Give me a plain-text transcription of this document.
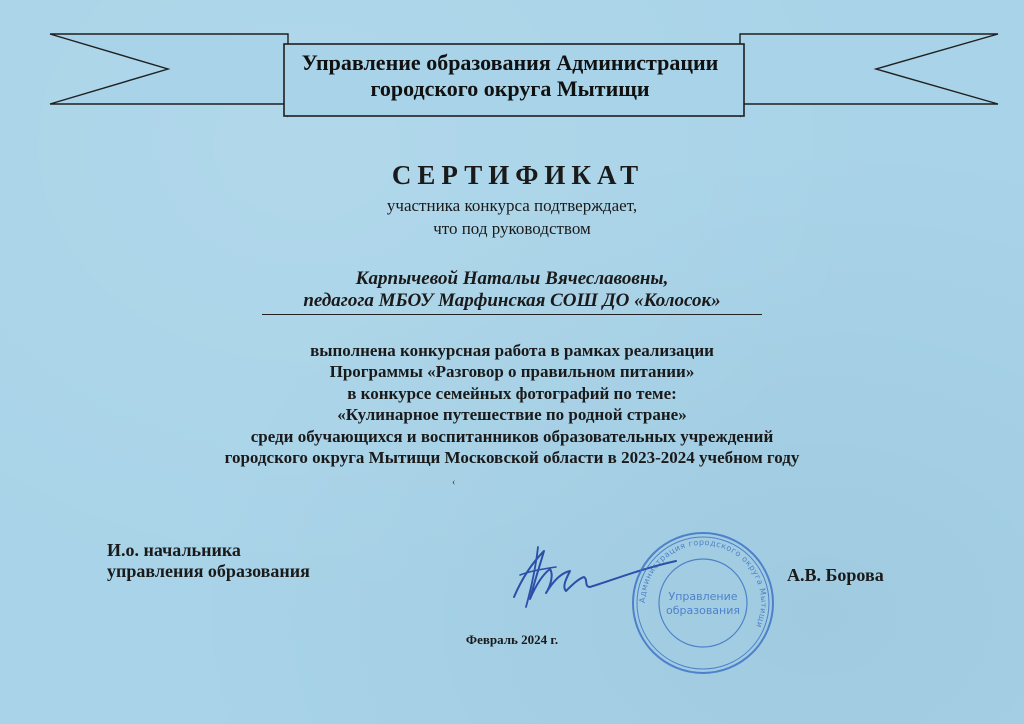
Управление образования Администрации
городского округа Мытищи
СЕРТИФИКАТ
участника конкурса подтверждает,
что под руководством
Карпычевой Натальи Вячеславовны,
педагога МБОУ Марфинская СОШ ДО «Колосок»
выполнена конкурсная работа в рамках реализации
Программы «Разговор о правильном питании»
в конкурсе семейных фотографий по теме:
«Кулинарное путешествие по родной стране»
среди обучающихся и воспитанников образовательных учреждений
городского округа Мытищи Московской области в 2023-2024 учебном году
‹
И.о. начальника
управления образования
Администрация городского округа Мытищи
Управление
образования
А.В. Борова
Февраль 2024 г.
